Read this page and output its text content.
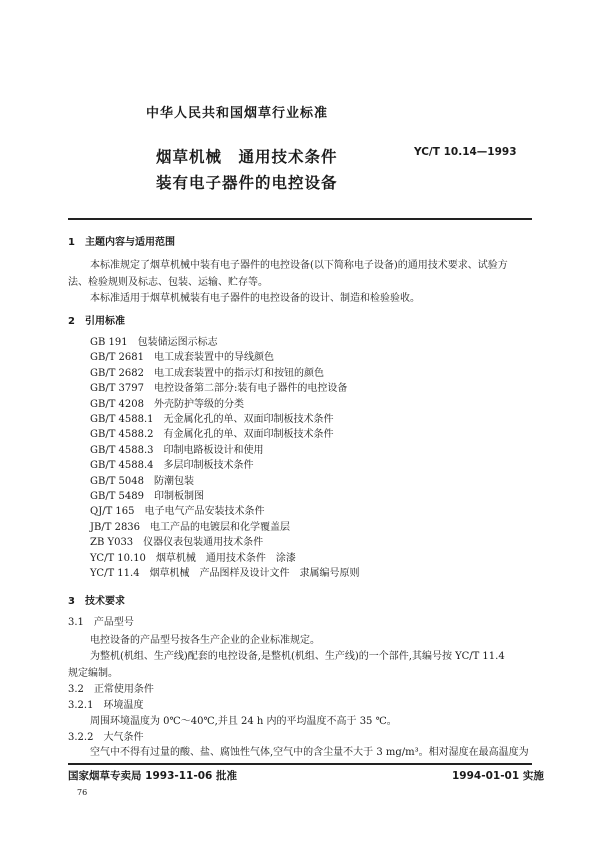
中华人民共和国烟草行业标准
烟草机械　通用技术条件
装有电子器件的电控设备
YC/T 10.14—1993
1　主题内容与适用范围
本标准规定了烟草机械中装有电子器件的电控设备(以下简称电子设备)的通用技术要求、试验方
法、检验规则及标志、包装、运输、贮存等。
本标准适用于烟草机械装有电子器件的电控设备的设计、制造和检验验收。
2　引用标准
GB 191 包装储运图示标志
GB/T 2681 电工成套装置中的导线颜色
GB/T 2682 电工成套装置中的指示灯和按钮的颜色
GB/T 3797 电控设备第二部分:装有电子器件的电控设备
GB/T 4208 外壳防护等级的分类
GB/T 4588.1 无金属化孔的单、双面印制板技术条件
GB/T 4588.2 有金属化孔的单、双面印制板技术条件
GB/T 4588.3 印制电路板设计和使用
GB/T 4588.4 多层印制板技术条件
GB/T 5048 防潮包装
GB/T 5489 印制板制图
QJ/T 165 电子电气产品安装技术条件
JB/T 2836 电工产品的电镀层和化学覆盖层
ZB Y033 仪器仪表包装通用技术条件
YC/T 10.10 烟草机械　通用技术条件　涂漆
YC/T 11.4 烟草机械　产品图样及设计文件　隶属编号原则
3　技术要求
3.1　产品型号
电控设备的产品型号按各生产企业的企业标准规定。
为整机(机组、生产线)配套的电控设备,是整机(机组、生产线)的一个部件,其编号按 YC/T 11.4
规定编制。
3.2　正常使用条件
3.2.1　环境温度
周围环境温度为 0℃～40℃,并且 24 h 内的平均温度不高于 35 ℃。
3.2.2　大气条件
空气中不得有过量的酸、盐、腐蚀性气体,空气中的含尘量不大于 3 mg/m³。相对湿度在最高温度为
国家烟草专卖局 1993-11-06 批准	1994-01-01 实施
76
